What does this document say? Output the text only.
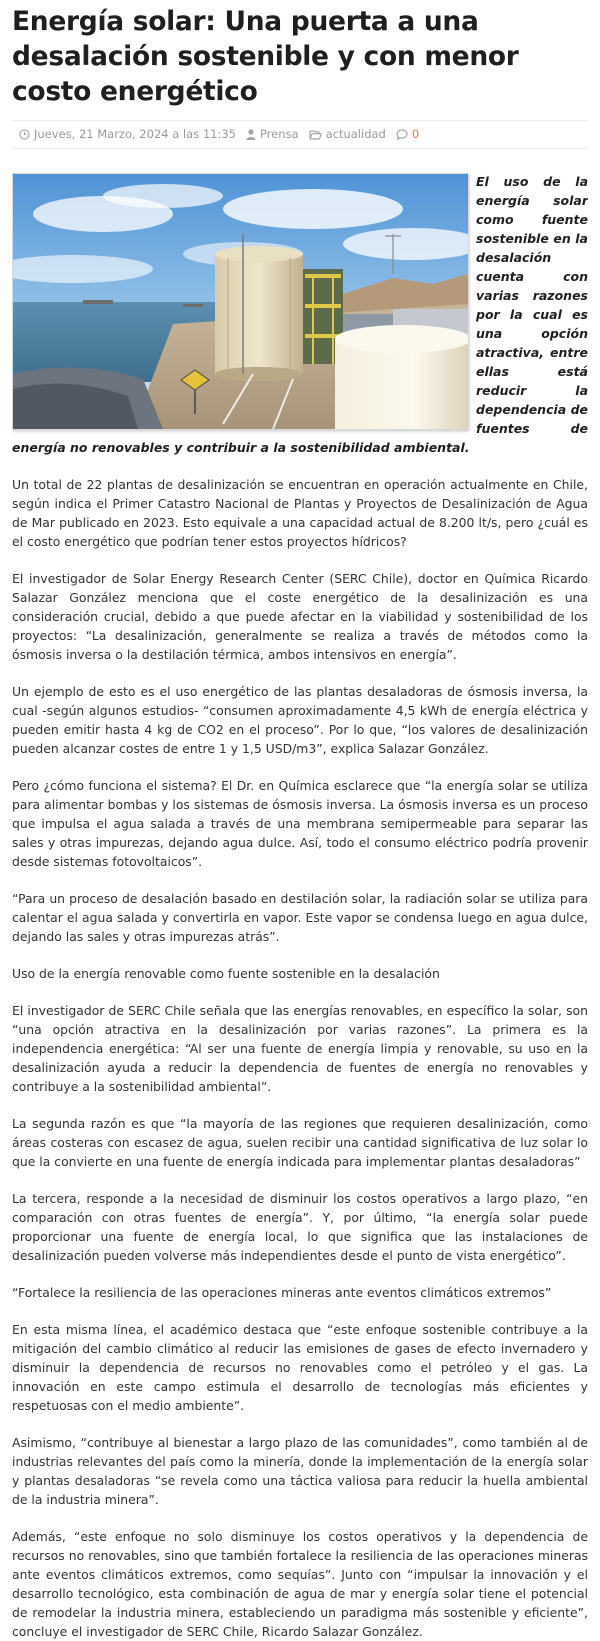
Energía solar: Una puerta a una desalación sostenible y con menor costo energético
Jueves, 21 Marzo, 2024 a las 11:35 Prensa actualidad 0

El uso de la energía solar como fuente sostenible en la desalación cuenta con varias razones por la cual es una opción atractiva, entre ellas está reducir la dependencia de fuentes de energía no renovables y contribuir a la sostenibilidad ambiental.

Un total de 22 plantas de desalinización se encuentran en operación actualmente en Chile, según indica el Primer Catastro Nacional de Plantas y Proyectos de Desalinización de Agua de Mar publicado en 2023. Esto equivale a una capacidad actual de 8.200 lt/s, pero ¿cuál es el costo energético que podrían tener estos proyectos hídricos?

El investigador de Solar Energy Research Center (SERC Chile), doctor en Química Ricardo Salazar González menciona que el coste energético de la desalinización es una consideración crucial, debido a que puede afectar en la viabilidad y sostenibilidad de los proyectos: “La desalinización, generalmente se realiza a través de métodos como la ósmosis inversa o la destilación térmica, ambos intensivos en energía”.

Un ejemplo de esto es el uso energético de las plantas desaladoras de ósmosis inversa, la cual -según algunos estudios- “consumen aproximadamente 4,5 kWh de energía eléctrica y pueden emitir hasta 4 kg de CO2 en el proceso”. Por lo que, “los valores de desalinización pueden alcanzar costes de entre 1 y 1,5 USD/m3”, explica Salazar González.

Pero ¿cómo funciona el sistema? El Dr. en Química esclarece que “la energía solar se utiliza para alimentar bombas y los sistemas de ósmosis inversa. La ósmosis inversa es un proceso que impulsa el agua salada a través de una membrana semipermeable para separar las sales y otras impurezas, dejando agua dulce. Así, todo el consumo eléctrico podría provenir desde sistemas fotovoltaicos”.

“Para un proceso de desalación basado en destilación solar, la radiación solar se utiliza para calentar el agua salada y convertirla en vapor. Este vapor se condensa luego en agua dulce, dejando las sales y otras impurezas atrás”.

Uso de la energía renovable como fuente sostenible en la desalación

El investigador de SERC Chile señala que las energías renovables, en específico la solar, son “una opción atractiva en la desalinización por varias razones”. La primera es la independencia energética: “Al ser una fuente de energía limpia y renovable, su uso en la desalinización ayuda a reducir la dependencia de fuentes de energía no renovables y contribuye a la sostenibilidad ambiental”.

La segunda razón es que “la mayoría de las regiones que requieren desalinización, como áreas costeras con escasez de agua, suelen recibir una cantidad significativa de luz solar lo que la convierte en una fuente de energía indicada para implementar plantas desaladoras”

La tercera, responde a la necesidad de disminuir los costos operativos a largo plazo, “en comparación con otras fuentes de energía”. Y, por último, “la energía solar puede proporcionar una fuente de energía local, lo que significa que las instalaciones de desalinización pueden volverse más independientes desde el punto de vista energético”.

“Fortalece la resiliencia de las operaciones mineras ante eventos climáticos extremos”

En esta misma línea, el académico destaca que “este enfoque sostenible contribuye a la mitigación del cambio climático al reducir las emisiones de gases de efecto invernadero y disminuir la dependencia de recursos no renovables como el petróleo y el gas. La innovación en este campo estimula el desarrollo de tecnologías más eficientes y respetuosas con el medio ambiente”.

Asimismo, “contribuye al bienestar a largo plazo de las comunidades”, como también al de industrias relevantes del país como la minería, donde la implementación de la energía solar y plantas desaladoras “se revela como una táctica valiosa para reducir la huella ambiental de la industria minera”.

Además, “este enfoque no solo disminuye los costos operativos y la dependencia de recursos no renovables, sino que también fortalece la resiliencia de las operaciones mineras ante eventos climáticos extremos, como sequías”. Junto con “impulsar la innovación y el desarrollo tecnológico, esta combinación de agua de mar y energía solar tiene el potencial de remodelar la industria minera, estableciendo un paradigma más sostenible y eficiente”, concluye el investigador de SERC Chile, Ricardo Salazar González.
